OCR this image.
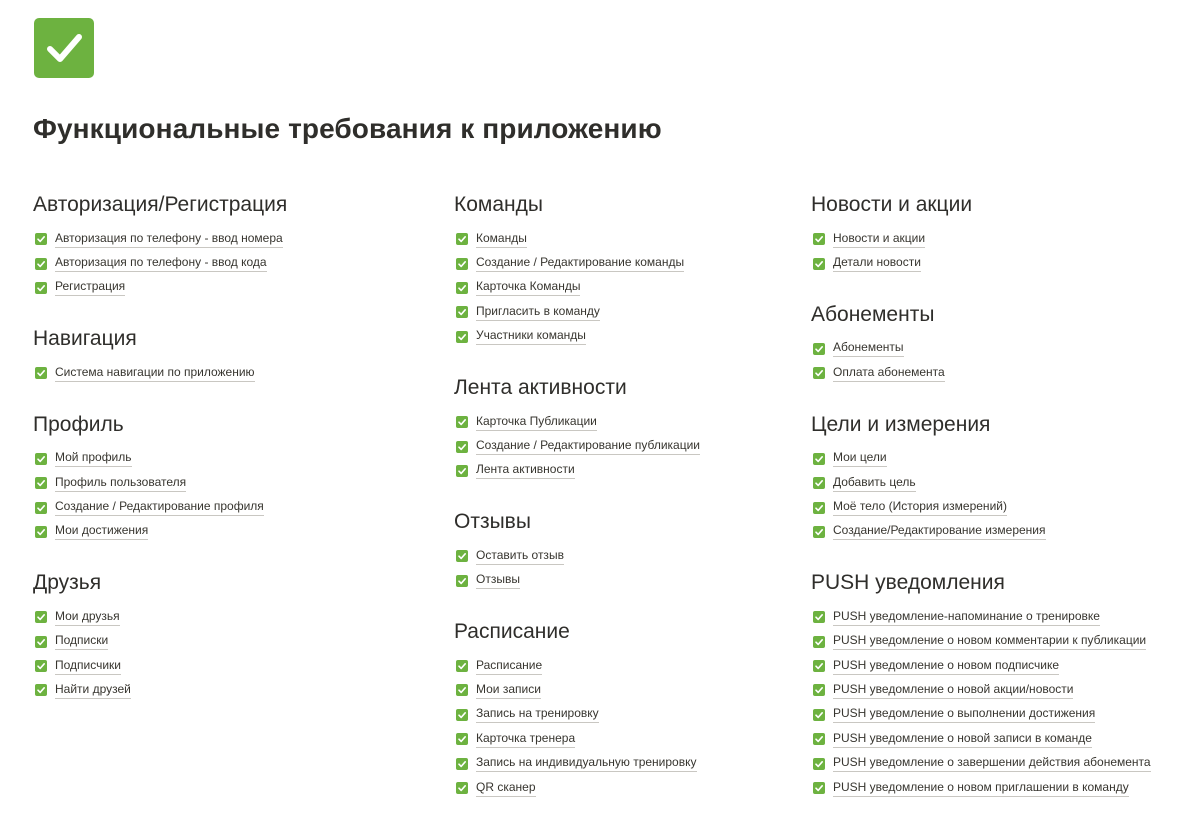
Функциональные требования к приложению
Авторизация/Регистрация
Авторизация по телефону - ввод номера
Авторизация по телефону - ввод кода
Регистрация
Навигация
Система навигации по приложению
Профиль
Мой профиль
Профиль пользователя
Создание / Редактирование профиля
Мои достижения
Друзья
Мои друзья
Подписки
Подписчики
Найти друзей
Команды
Команды
Создание / Редактирование команды
Карточка Команды
Пригласить в команду
Участники команды
Лента активности
Карточка Публикации
Создание / Редактирование публикации
Лента активности
Отзывы
Оставить отзыв
Отзывы
Расписание
Расписание
Мои записи
Запись на тренировку
Карточка тренера
Запись на индивидуальную тренировку
QR сканер
Новости и акции
Новости и акции
Детали новости
Абонементы
Абонементы
Оплата абонемента
Цели и измерения
Мои цели
Добавить цель
Моё тело (История измерений)
Создание/Редактирование измерения
PUSH уведомления
PUSH уведомление-напоминание о тренировке
PUSH уведомление о новом комментарии к публикации
PUSH уведомление о новом подписчике
PUSH уведомление о новой акции/новости
PUSH уведомление о выполнении достижения
PUSH уведомление о новой записи в команде
PUSH уведомление о завершении действия абонемента
PUSH уведомление о новом приглашении в команду
